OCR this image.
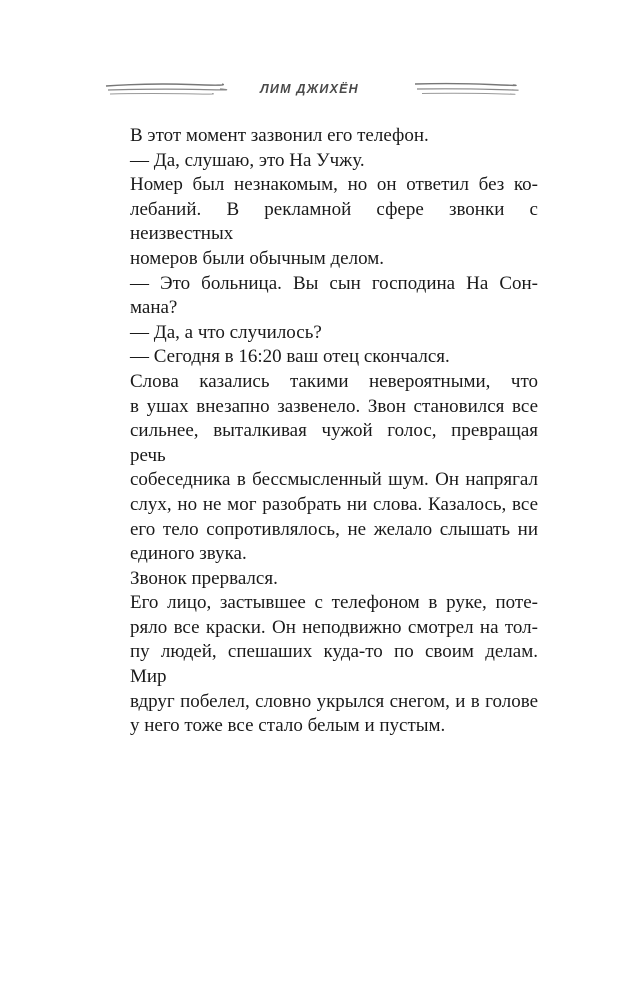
ЛИМ ДЖИХЁН
В этот момент зазвонил его телефон.
— Да, слушаю, это На Учжу.
Номер был незнакомым, но он ответил без ко-
лебаний. В рекламной сфере звонки с неизвестных
номеров были обычным делом.
— Это больница. Вы сын господина На Сон-
мана?
— Да, а что случилось?
— Сегодня в 16:20 ваш отец скончался.
Слова казались такими невероятными, что
в ушах внезапно зазвенело. Звон становился все
сильнее, выталкивая чужой голос, превращая речь
собеседника в бессмысленный шум. Он напрягал
слух, но не мог разобрать ни слова. Казалось, все
его тело сопротивлялось, не желало слышать ни
единого звука.
Звонок прервался.
Его лицо, застывшее с телефоном в руке, поте-
ряло все краски. Он неподвижно смотрел на тол-
пу людей, спешаших куда-то по своим делам. Мир
вдруг побелел, словно укрылся снегом, и в голове
у него тоже все стало белым и пустым.
